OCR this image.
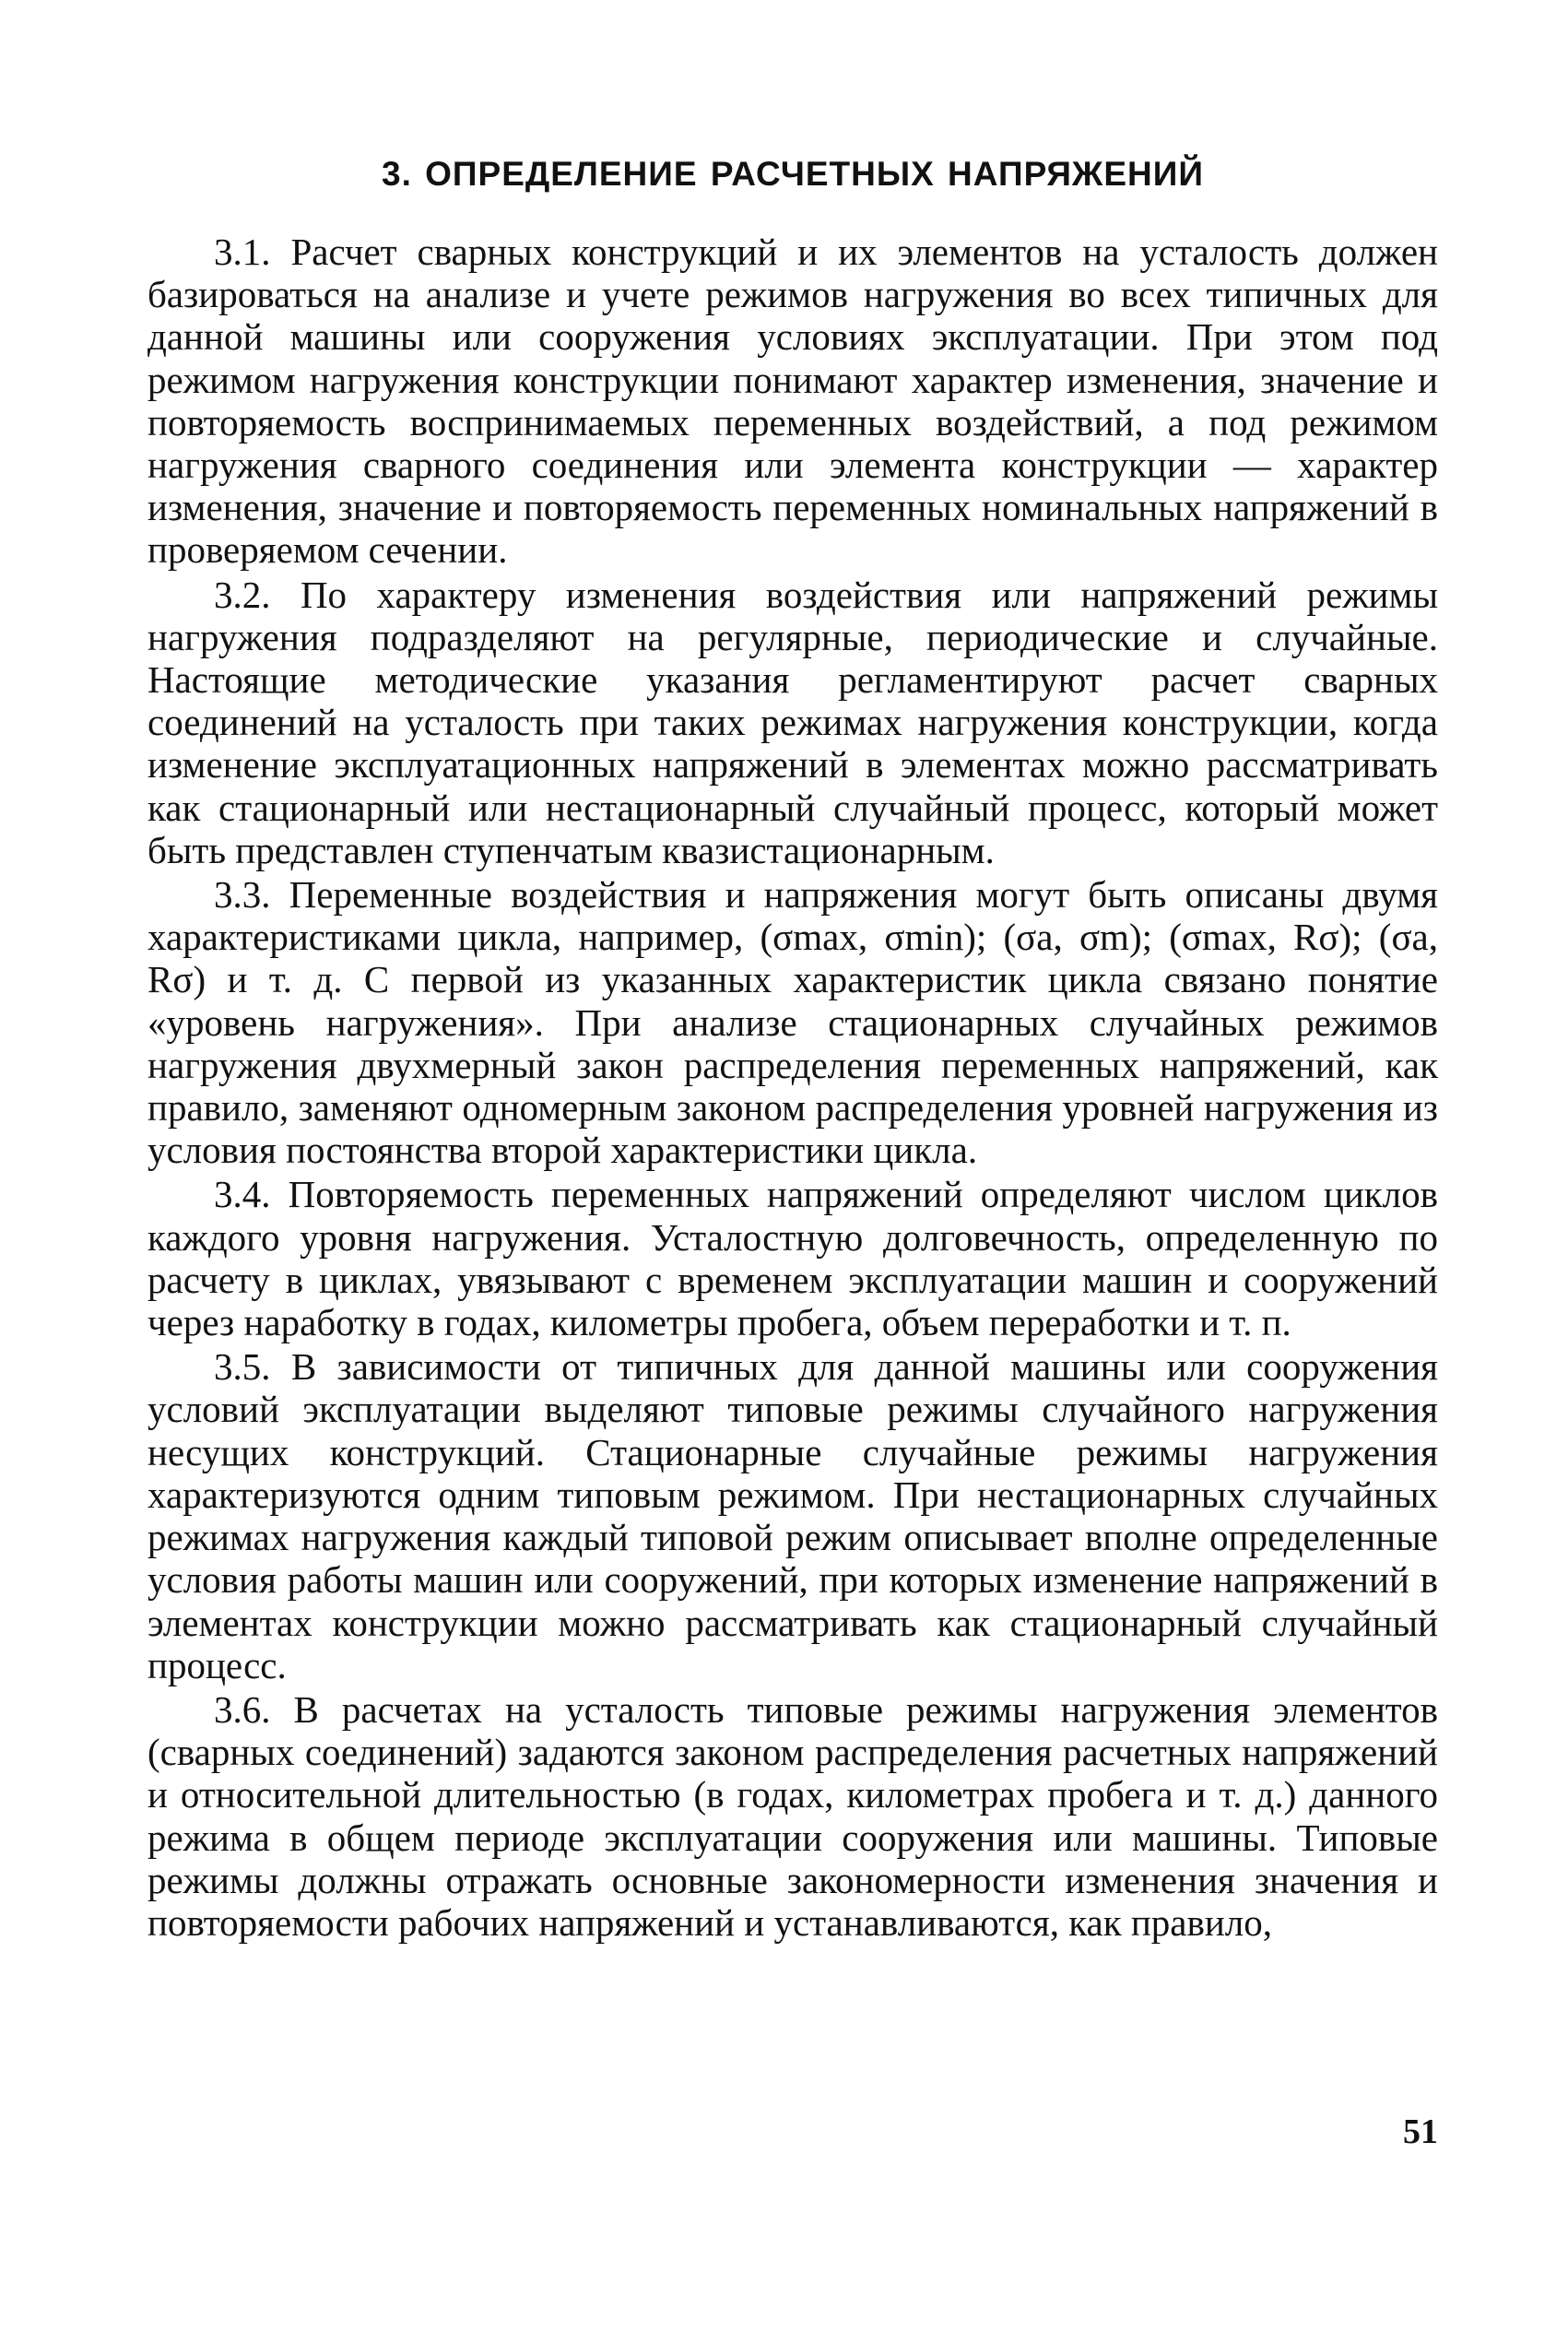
3. ОПРЕДЕЛЕНИЕ РАСЧЕТНЫХ НАПРЯЖЕНИЙ

3.1. Расчет сварных конструкций и их элементов на усталость должен базироваться на анализе и учете режимов нагружения во всех типичных для данной машины или сооружения условиях эксплуатации. При этом под режимом нагружения конструкции понимают характер изменения, значение и повторяемость воспринимаемых переменных воздействий, а под режимом нагружения сварного соединения или элемента конструкции — характер изменения, значение и повторяемость переменных номинальных напряжений в проверяемом сечении.

3.2. По характеру изменения воздействия или напряжений режимы нагружения подразделяют на регулярные, периодические и случайные. Настоящие методические указания регламентируют расчет сварных соединений на усталость при таких режимах нагружения конструкции, когда изменение эксплуатационных напряжений в элементах можно рассматривать как стационарный или нестационарный случайный процесс, который может быть представлен ступенчатым квазистационарным.

3.3. Переменные воздействия и напряжения могут быть описаны двумя характеристиками цикла, например, (σmax, σmin); (σa, σm); (σmax, Rσ); (σa, Rσ) и т. д. С первой из указанных характеристик цикла связано понятие «уровень нагружения». При анализе стационарных случайных режимов нагружения двухмерный закон распределения переменных напряжений, как правило, заменяют одномерным законом распределения уровней нагружения из условия постоянства второй характеристики цикла.

3.4. Повторяемость переменных напряжений определяют числом циклов каждого уровня нагружения. Усталостную долговечность, определенную по расчету в циклах, увязывают с временем эксплуатации машин и сооружений через наработку в годах, километры пробега, объем переработки и т. п.

3.5. В зависимости от типичных для данной машины или сооружения условий эксплуатации выделяют типовые режимы случайного нагружения несущих конструкций. Стационарные случайные режимы нагружения характеризуются одним типовым режимом. При нестационарных случайных режимах нагружения каждый типовой режим описывает вполне определенные условия работы машин или сооружений, при которых изменение напряжений в элементах конструкции можно рассматривать как стационарный случайный процесс.

3.6. В расчетах на усталость типовые режимы нагружения элементов (сварных соединений) задаются законом распределения расчетных напряжений и относительной длительностью (в годах, километрах пробега и т. д.) данного режима в общем периоде эксплуатации сооружения или машины. Типовые режимы должны отражать основные закономерности изменения значения и повторяемости рабочих напряжений и устанавливаются, как правило,

51
